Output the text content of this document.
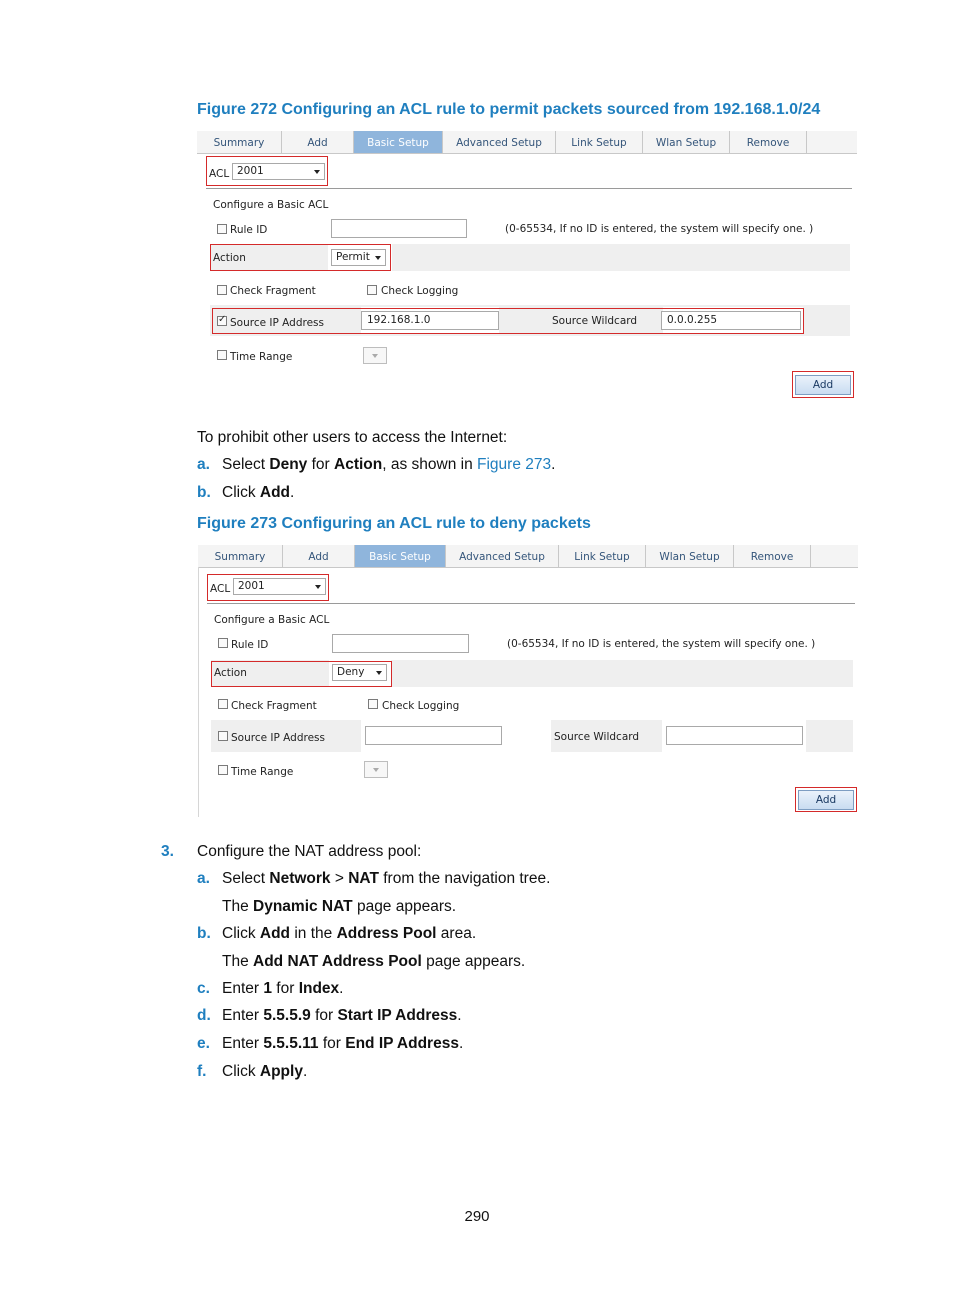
Figure 272 Configuring an ACL rule to permit packets sourced from 192.168.1.0/24
Summary	Add	Basic Setup	Advanced Setup	Link Setup	Wlan Setup	Remove
ACL 2001
Configure a Basic ACL
Rule ID	(0-65534, If no ID is entered, the system will specify one. )
Action	Permit
Check Fragment	Check Logging
✓
Source IP Address	192.168.1.0	Source Wildcard	0.0.0.255
Time Range
Add
To prohibit other users to access the Internet:
a. Select Deny for Action, as shown in Figure 273.
b. Click Add.
Figure 273 Configuring an ACL rule to deny packets
Summary	Add	Basic Setup	Advanced Setup	Link Setup	Wlan Setup	Remove
ACL 2001
Configure a Basic ACL
Rule ID	(0-65534, If no ID is entered, the system will specify one. )
Action	Deny
Check Fragment	Check Logging
Source IP Address	Source Wildcard
Time Range
Add
3. Configure the NAT address pool:
a. Select Network > NAT from the navigation tree.
The Dynamic NAT page appears.
b. Click Add in the Address Pool area.
The Add NAT Address Pool page appears.
c. Enter 1 for Index.
d. Enter 5.5.5.9 for Start IP Address.
e. Enter 5.5.5.11 for End IP Address.
f. Click Apply.
290
